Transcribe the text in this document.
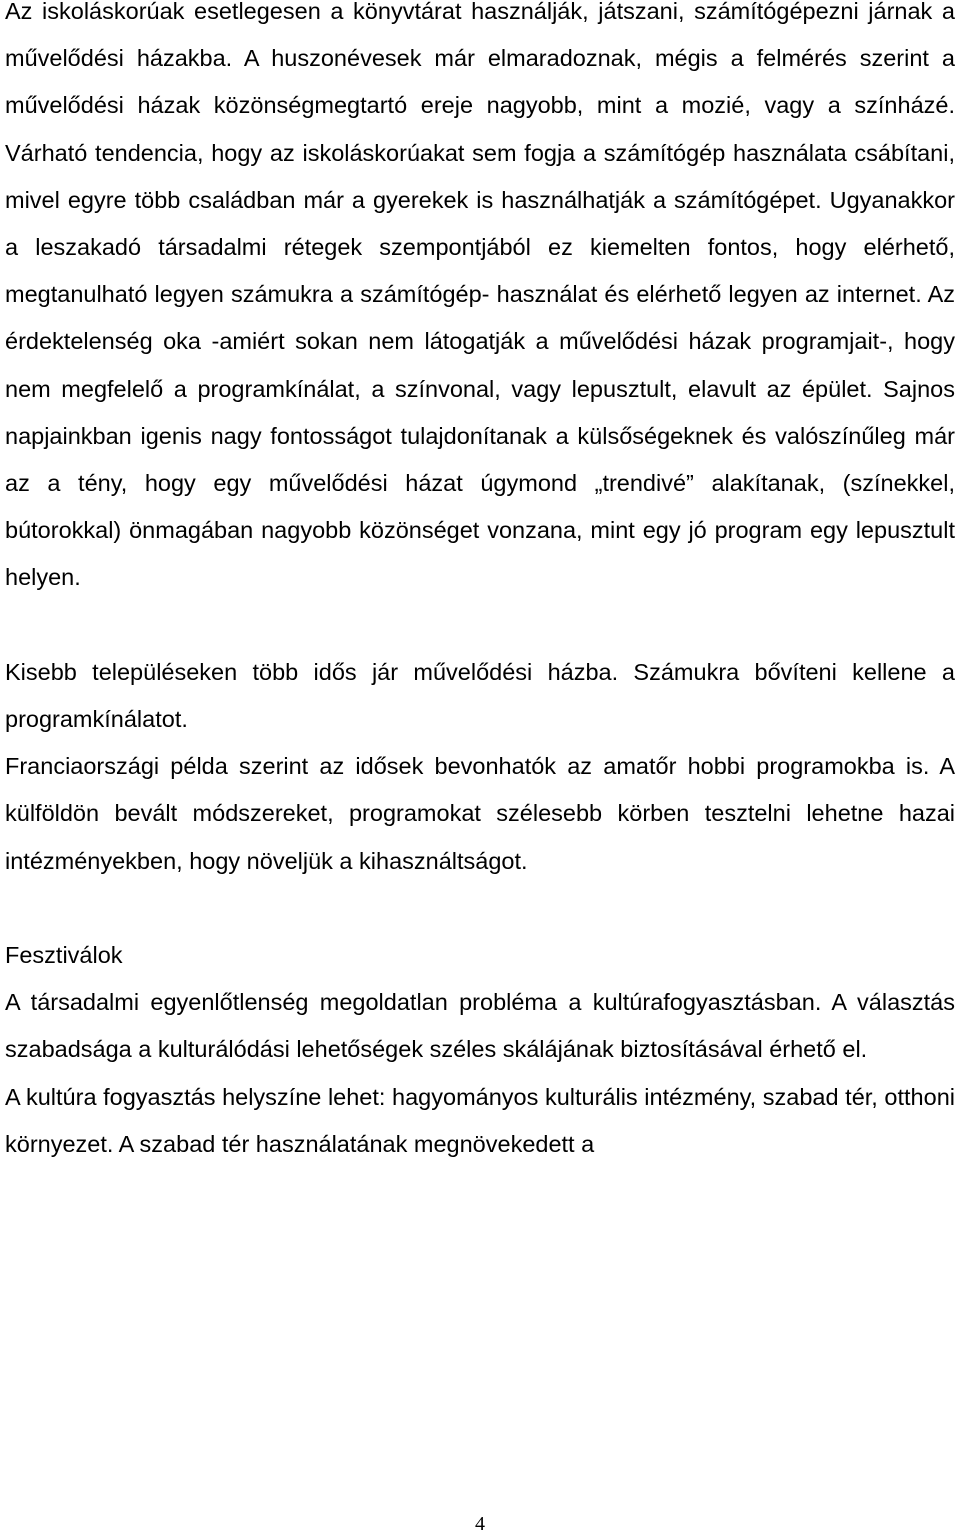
Az iskoláskorúak esetlegesen a könyvtárat használják, játszani, számítógépezni járnak a művelődési házakba. A huszonévesek már elmaradoznak, mégis a felmérés szerint a művelődési házak közönségmegtartó ereje nagyobb, mint a mozié, vagy a színházé. Várható tendencia, hogy az iskoláskorúakat sem fogja a számítógép használata csábítani, mivel egyre több családban már a gyerekek is használhatják a számítógépet. Ugyanakkor a leszakadó társadalmi rétegek szempontjából ez kiemelten fontos, hogy elérhető, megtanulható legyen számukra a számítógép- használat és elérhető legyen az internet. Az érdektelenség oka -amiért sokan nem látogatják a művelődési házak programjait-, hogy nem megfelelő a programkínálat, a színvonal, vagy lepusztult, elavult az épület. Sajnos napjainkban igenis nagy fontosságot tulajdonítanak a külsőségeknek és valószínűleg már az a tény, hogy egy művelődési házat úgymond „trendivé” alakítanak, (színekkel, bútorokkal) önmagában nagyobb közönséget vonzana, mint egy jó program egy lepusztult helyen.

Kisebb településeken több idős jár művelődési házba. Számukra bővíteni kellene a programkínálatot.

Franciaországi példa szerint az idősek bevonhatók az amatőr hobbi programokba is. A külföldön bevált módszereket, programokat szélesebb körben tesztelni lehetne hazai intézményekben, hogy növeljük a kihasználtságot.

Fesztiválok

A társadalmi egyenlőtlenség megoldatlan probléma a kultúrafogyasztásban. A választás szabadsága a kulturálódási lehetőségek széles skálájának biztosításával érhető el.

A kultúra fogyasztás helyszíne lehet: hagyományos kulturális intézmény, szabad tér, otthoni környezet. A szabad tér használatának megnövekedett a

4
